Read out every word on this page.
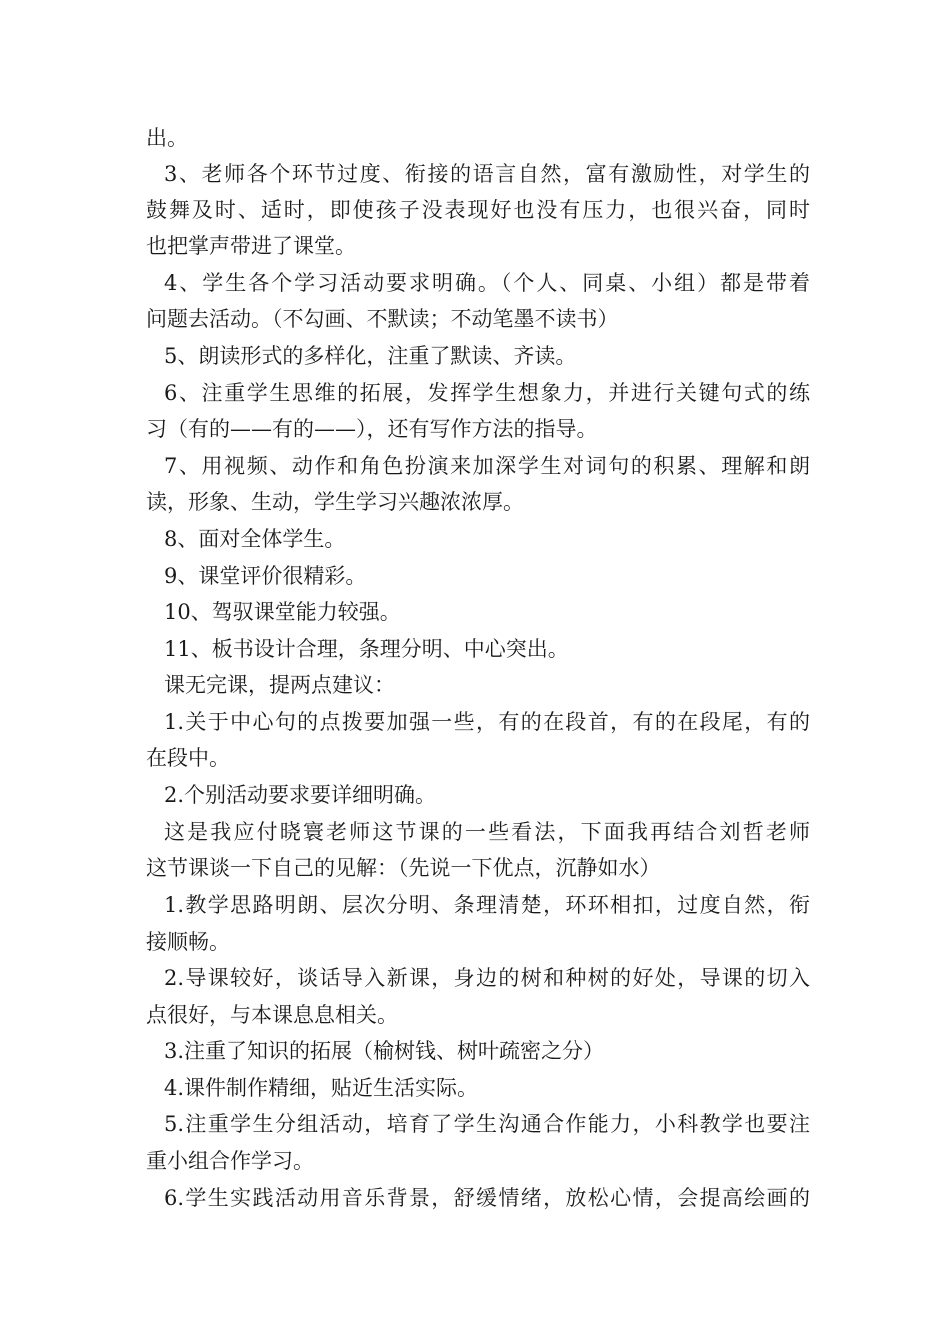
出。
3、老师各个环节过度、衔接的语言自然，富有激励性，对学生的
鼓舞及时、适时，即使孩子没表现好也没有压力，也很兴奋，同时
也把掌声带进了课堂。
4、学生各个学习活动要求明确。（个人、同桌、小组）都是带着
问题去活动。（不勾画、不默读；不动笔墨不读书）
5、朗读形式的多样化，注重了默读、齐读。
6、注重学生思维的拓展，发挥学生想象力，并进行关键句式的练
习（有的——有的——），还有写作方法的指导。
7、用视频、动作和角色扮演来加深学生对词句的积累、理解和朗
读，形象、生动，学生学习兴趣浓浓厚。
8、面对全体学生。
9、课堂评价很精彩。
10、驾驭课堂能力较强。
11、板书设计合理，条理分明、中心突出。
课无完课，提两点建议：
1.关于中心句的点拨要加强一些，有的在段首，有的在段尾，有的
在段中。
2.个别活动要求要详细明确。
这是我应付晓寰老师这节课的一些看法，下面我再结合刘哲老师
这节课谈一下自己的见解：（先说一下优点，沉静如水）
1.教学思路明朗、层次分明、条理清楚，环环相扣，过度自然，衔
接顺畅。
2.导课较好，谈话导入新课，身边的树和种树的好处，导课的切入
点很好，与本课息息相关。
3.注重了知识的拓展（榆树钱、树叶疏密之分）
4.课件制作精细，贴近生活实际。
5.注重学生分组活动，培育了学生沟通合作能力，小科教学也要注
重小组合作学习。
6.学生实践活动用音乐背景，舒缓情绪，放松心情，会提高绘画的
